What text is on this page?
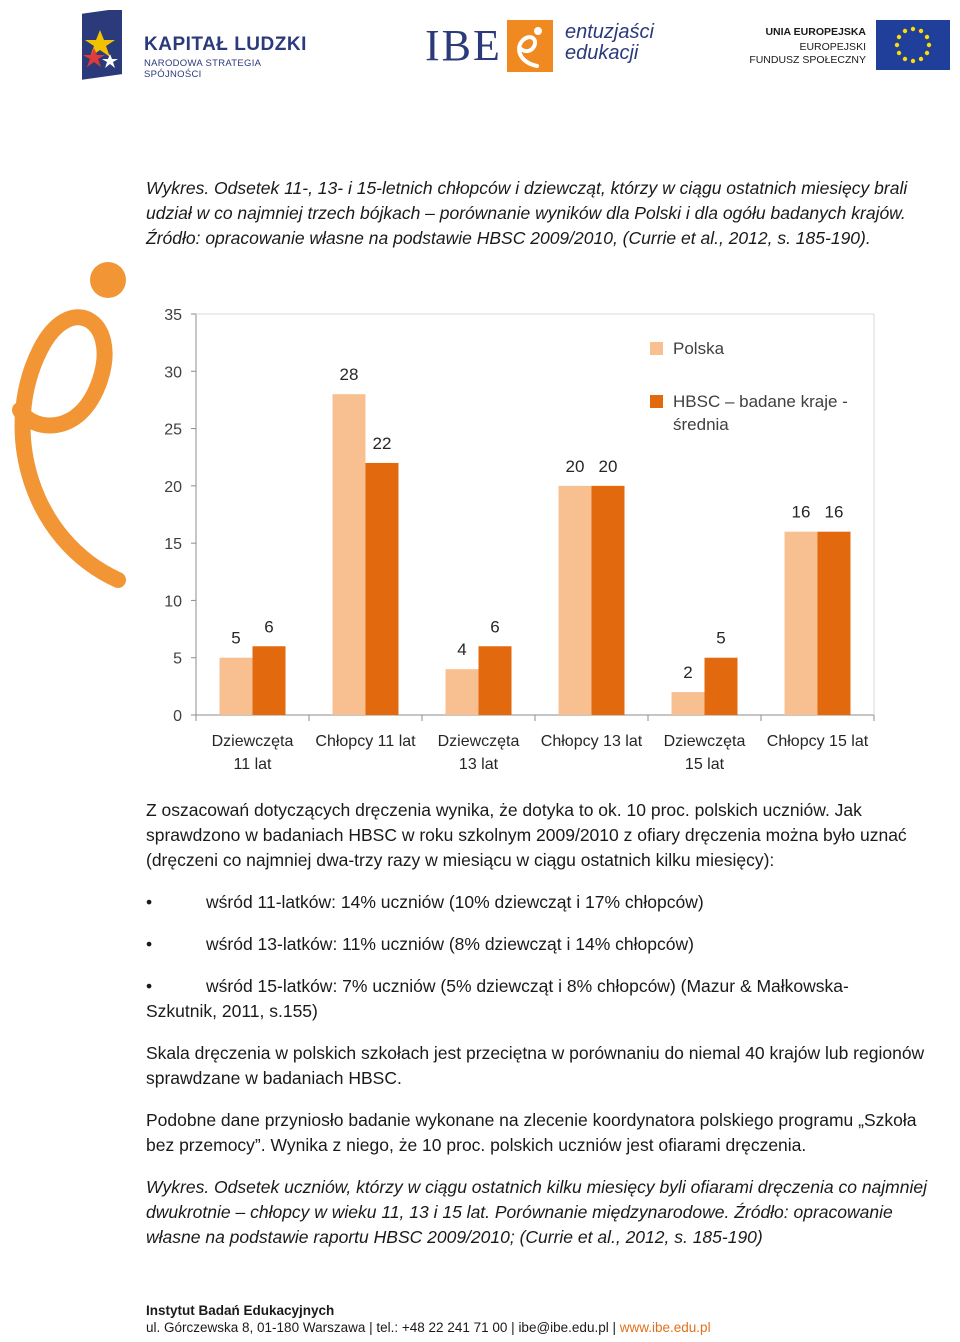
KAPITAŁ LUDZKI
NARODOWA STRATEGIA SPÓJNOŚCI
IBE	entuzjaści
edukacji
UNIA EUROPEJSKA
EUROPEJSKI
FUNDUSZ SPOŁECZNY

Wykres. Odsetek 11-, 13- i 15-letnich chłopców i dziewcząt, którzy w ciągu ostatnich miesięcy brali udział w co najmniej trzech bójkach – porównanie wyników dla Polski i dla ogółu badanych krajów. Źródło: opracowanie własne na podstawie HBSC 2009/2010, (Currie et al., 2012, s. 185-190).

0
5
10
15
20
25
30
35
5
6
Dziewczęta
11 lat
28
22
Chłopcy 11 lat
4
6
Dziewczęta
13 lat
20 20
Chłopcy 13 lat
2
5
Dziewczęta
15 lat
16 16
Chłopcy 15 lat
Polska
HBSC – badane kraje -
średnia

Z oszacowań dotyczących dręczenia wynika, że dotyka to ok. 10 proc. polskich uczniów. Jak sprawdzono w badaniach HBSC w roku szkolnym 2009/2010 z ofiary dręczenia można było uznać (dręczeni co najmniej dwa-trzy razy w miesiącu w ciągu ostatnich kilku miesięcy):

•	wśród 11-latków: 14% uczniów (10% dziewcząt i 17% chłopców)
•	wśród 13-latków: 11% uczniów (8% dziewcząt i 14% chłopców)
•	wśród 15-latków: 7% uczniów (5% dziewcząt i 8% chłopców) (Mazur & Małkowska-
Szkutnik, 2011, s.155)

Skala dręczenia w polskich szkołach jest przeciętna w porównaniu do niemal 40 krajów lub regionów sprawdzane w badaniach HBSC.

Podobne dane przyniosło badanie wykonane na zlecenie koordynatora polskiego programu „Szkoła bez przemocy”. Wynika z niego, że 10 proc. polskich uczniów jest ofiarami dręczenia.

Wykres. Odsetek uczniów, którzy w ciągu ostatnich kilku miesięcy byli ofiarami dręczenia co najmniej dwukrotnie – chłopcy w wieku 11, 13 i 15 lat. Porównanie międzynarodowe. Źródło: opracowanie własne na podstawie raportu HBSC 2009/2010; (Currie et al., 2012, s. 185-190)

Instytut Badań Edukacyjnych
ul. Górczewska 8, 01-180 Warszawa | tel.: +48 22 241 71 00 | ibe@ibe.edu.pl | www.ibe.edu.pl
